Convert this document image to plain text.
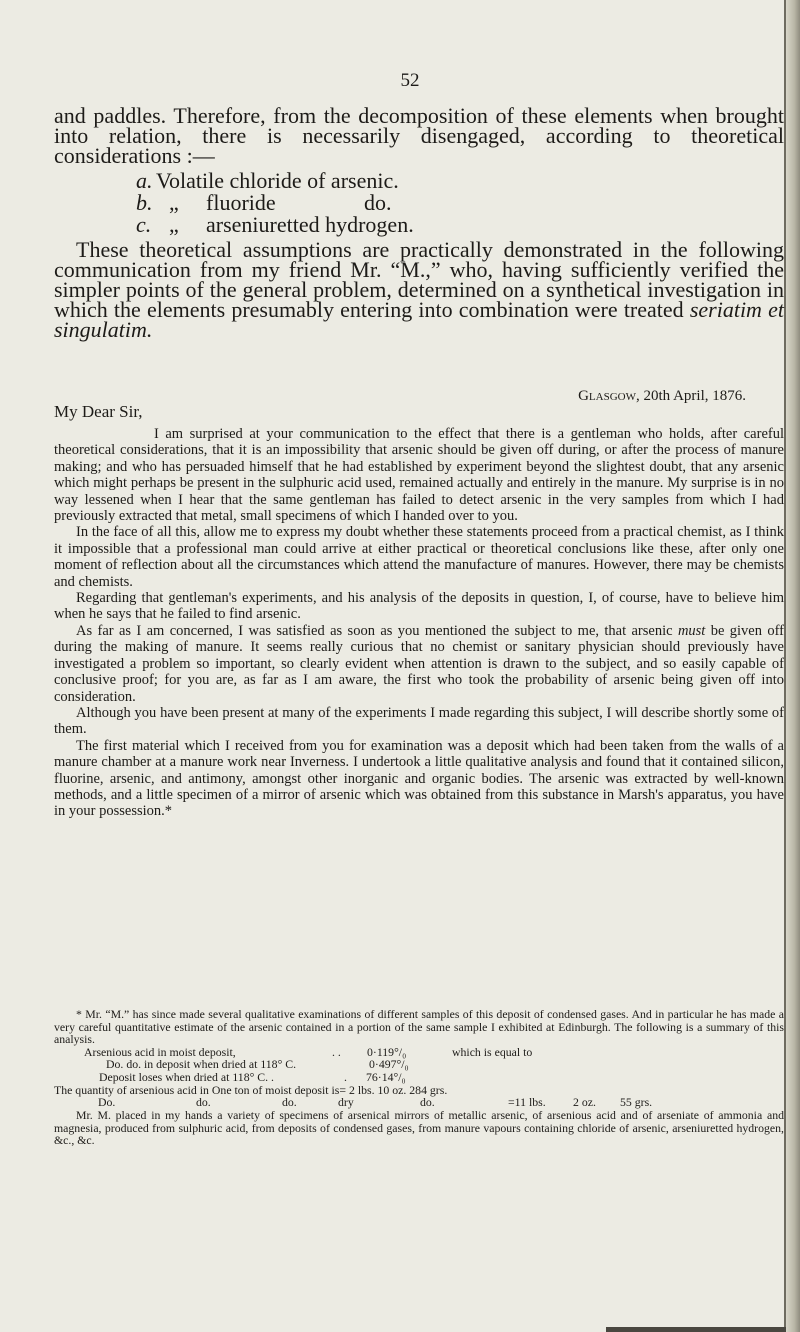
52

and paddles. Therefore, from the decomposition of these elements when brought into relation, there is necessarily disengaged, according to theoretical considerations :—

a. Volatile chloride of arsenic.
b. „ fluoride	do.
c. „ arseniuretted hydrogen.

These theoretical assumptions are practically demonstrated in the following communication from my friend Mr. “M.,” who, having sufficiently verified the simpler points of the general problem, determined on a synthetical investigation in which the elements presumably entering into combination were treated seriatim et singulatim.

Glasgow, 20th April, 1876.
My Dear Sir,

I am surprised at your communication to the effect that there is a gentleman who holds, after careful theoretical considerations, that it is an impossibility that arsenic should be given off during, or after the process of manure making; and who has persuaded himself that he had established by experiment beyond the slightest doubt, that any arsenic which might perhaps be present in the sulphuric acid used, remained actually and entirely in the manure. My surprise is in no way lessened when I hear that the same gentleman has failed to detect arsenic in the very samples from which I had previously extracted that metal, small specimens of which I handed over to you.

In the face of all this, allow me to express my doubt whether these statements proceed from a practical chemist, as I think it impossible that a professional man could arrive at either practical or theoretical conclusions like these, after only one moment of reflection about all the circumstances which attend the manufacture of manures. However, there may be chemists and chemists.

Regarding that gentleman's experiments, and his analysis of the deposits in question, I, of course, have to believe him when he says that he failed to find arsenic.

As far as I am concerned, I was satisfied as soon as you mentioned the subject to me, that arsenic must be given off during the making of manure. It seems really curious that no chemist or sanitary physician should previously have investigated a problem so important, so clearly evident when attention is drawn to the subject, and so easily capable of conclusive proof; for you are, as far as I am aware, the first who took the probability of arsenic being given off into consideration.

Although you have been present at many of the experiments I made regarding this subject, I will describe shortly some of them.

The first material which I received from you for examination was a deposit which had been taken from the walls of a manure chamber at a manure work near Inverness. I undertook a little qualitative analysis and found that it contained silicon, fluorine, arsenic, and antimony, amongst other inorganic and organic bodies. The arsenic was extracted by well-known methods, and a little specimen of a mirror of arsenic which was obtained from this substance in Marsh's apparatus, you have in your possession.*

* Mr. “M.” has since made several qualitative examinations of different samples of this deposit of condensed gases. And in particular he has made a very careful quantitative estimate of the arsenic contained in a portion of the same sample I exhibited at Edinburgh. The following is a summary of this analysis.

Arsenious acid in moist deposit,	. . 0·119°/₀	which is equal to
Do. do. in deposit when dried at 118° C.	0·497°/₀
Deposit loses when dried at 118° C. .	. 76·14°/₀

The quantity of arsenious acid in One ton of moist deposit is= 2 lbs. 10 oz. 284 grs.

Do.	do.	do.	dry	do.	=11 lbs. 2 oz. 55 grs.

Mr. M. placed in my hands a variety of specimens of arsenical mirrors of metallic arsenic, of arsenious acid and of arseniate of ammonia and magnesia, produced from sulphuric acid, from deposits of condensed gases, from manure vapours containing chloride of arsenic, arseniuretted hydrogen, &c., &c.
